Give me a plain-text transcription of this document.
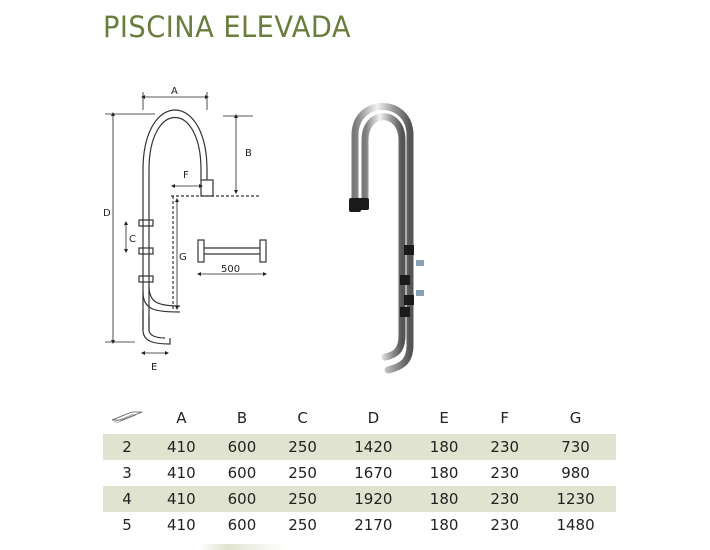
PISCINA ELEVADA
A
B
C
D
E
F
G
500
	A	B	C	D	E	F	G
2	410	600	250	1420	180	230	730
3	410	600	250	1670	180	230	980
4	410	600	250	1920	180	230	1230
5	410	600	250	2170	180	230	1480
